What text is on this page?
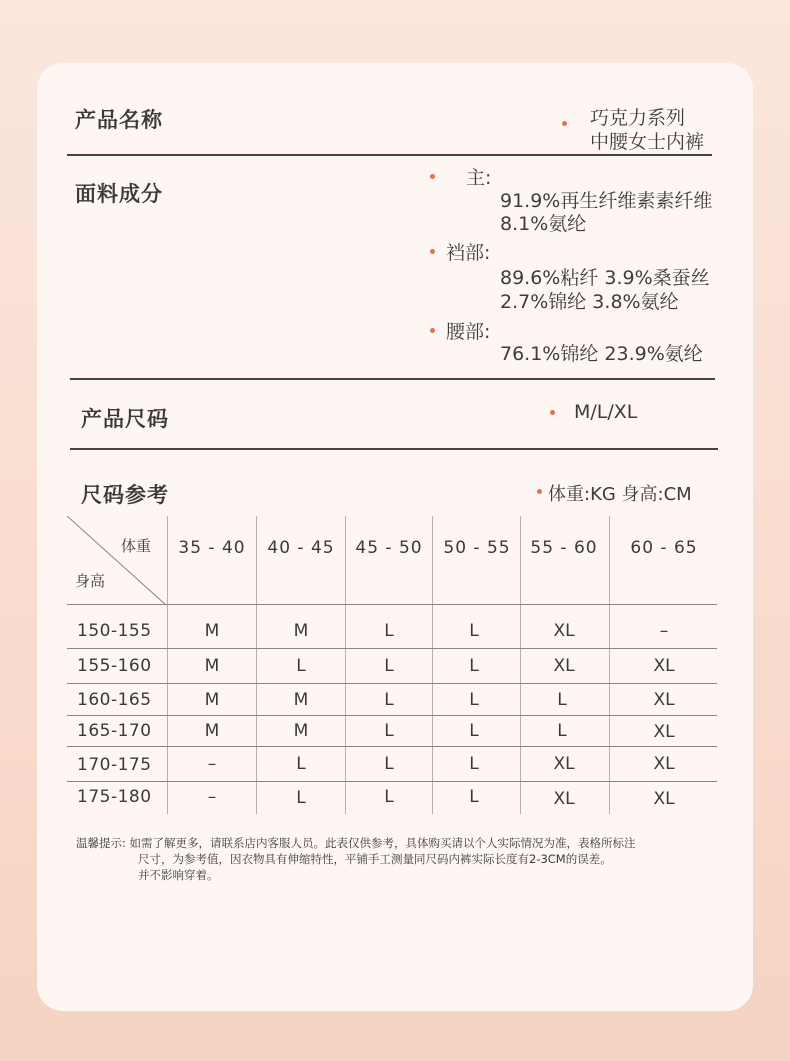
产品名称	巧克力系列
中腰女士内裤
面料成分
主:
91.9%再生纤维素素纤维
8.1%氨纶
裆部:
89.6%粘纤 3.9%桑蚕丝
2.7%锦纶 3.8%氨纶
腰部:
76.1%锦纶 23.9%氨纶
产品尺码	M/L/XL
尺码参考	体重:KG 身高:CM
体重
身高
35 - 40	40 - 45	45 - 50	50 - 55	55 - 60	60 - 65
150-155	M	M	L	L	XL	–
155-160	M	L	L	L	XL	XL
160-165	M	M	L	L	L	XL
165-170	M	M	L	L	L	XL
170-175	–	L	L	L	XL	XL
175-180	–	L	L	L	XL	XL
温馨提示: 如需了解更多，请联系店内客服人员。此表仅供参考，具体购买请以个人实际情况为准，表格所标注
尺寸，为参考值，因衣物具有伸缩特性，平铺手工测量同尺码内裤实际长度有2-3CM的误差。
并不影响穿着。
